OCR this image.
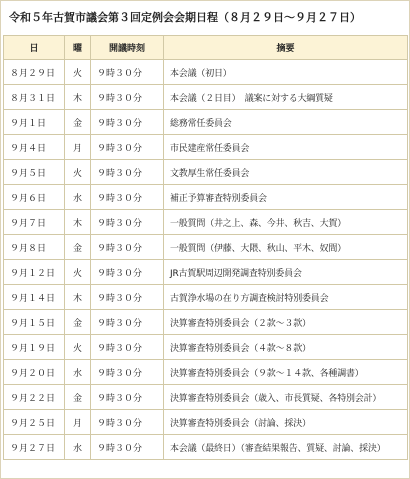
令和５年古賀市議会第３回定例会会期日程（８月２９日～９月２７日）
日	曜	開議時刻	摘要
８月２９日	火	９時３０分	本会議（初日）
８月３１日	木	９時３０分	本会議（２日目）　議案に対する大綱質疑
９月１日	金	９時３０分	総務常任委員会
９月４日	月	９時３０分	市民建産常任委員会
９月５日	火	９時３０分	文教厚生常任委員会
９月６日	水	９時３０分	補正予算審査特別委員会
９月７日	木	９時３０分	一般質問（井之上、森、今井、秋吉、大賀）
９月８日	金	９時３０分	一般質問（伊藤、大隈、秋山、平木、奴間）
９月１２日	火	９時３０分	JR古賀駅周辺開発調査特別委員会
９月１４日	木	９時３０分	古賀浄水場の在り方調査検討特別委員会
９月１５日	金	９時３０分	決算審査特別委員会（２款～３款）
９月１９日	火	９時３０分	決算審査特別委員会（４款～８款）
９月２０日	水	９時３０分	決算審査特別委員会（９款～１４款、各種調書）
９月２２日	金	９時３０分	決算審査特別委員会（歳入、市長質疑、各特別会計）
９月２５日	月	９時３０分	決算審査特別委員会（討論、採決）
９月２７日	水	９時３０分	本会議（最終日）（審査結果報告、質疑、討論、採決）
